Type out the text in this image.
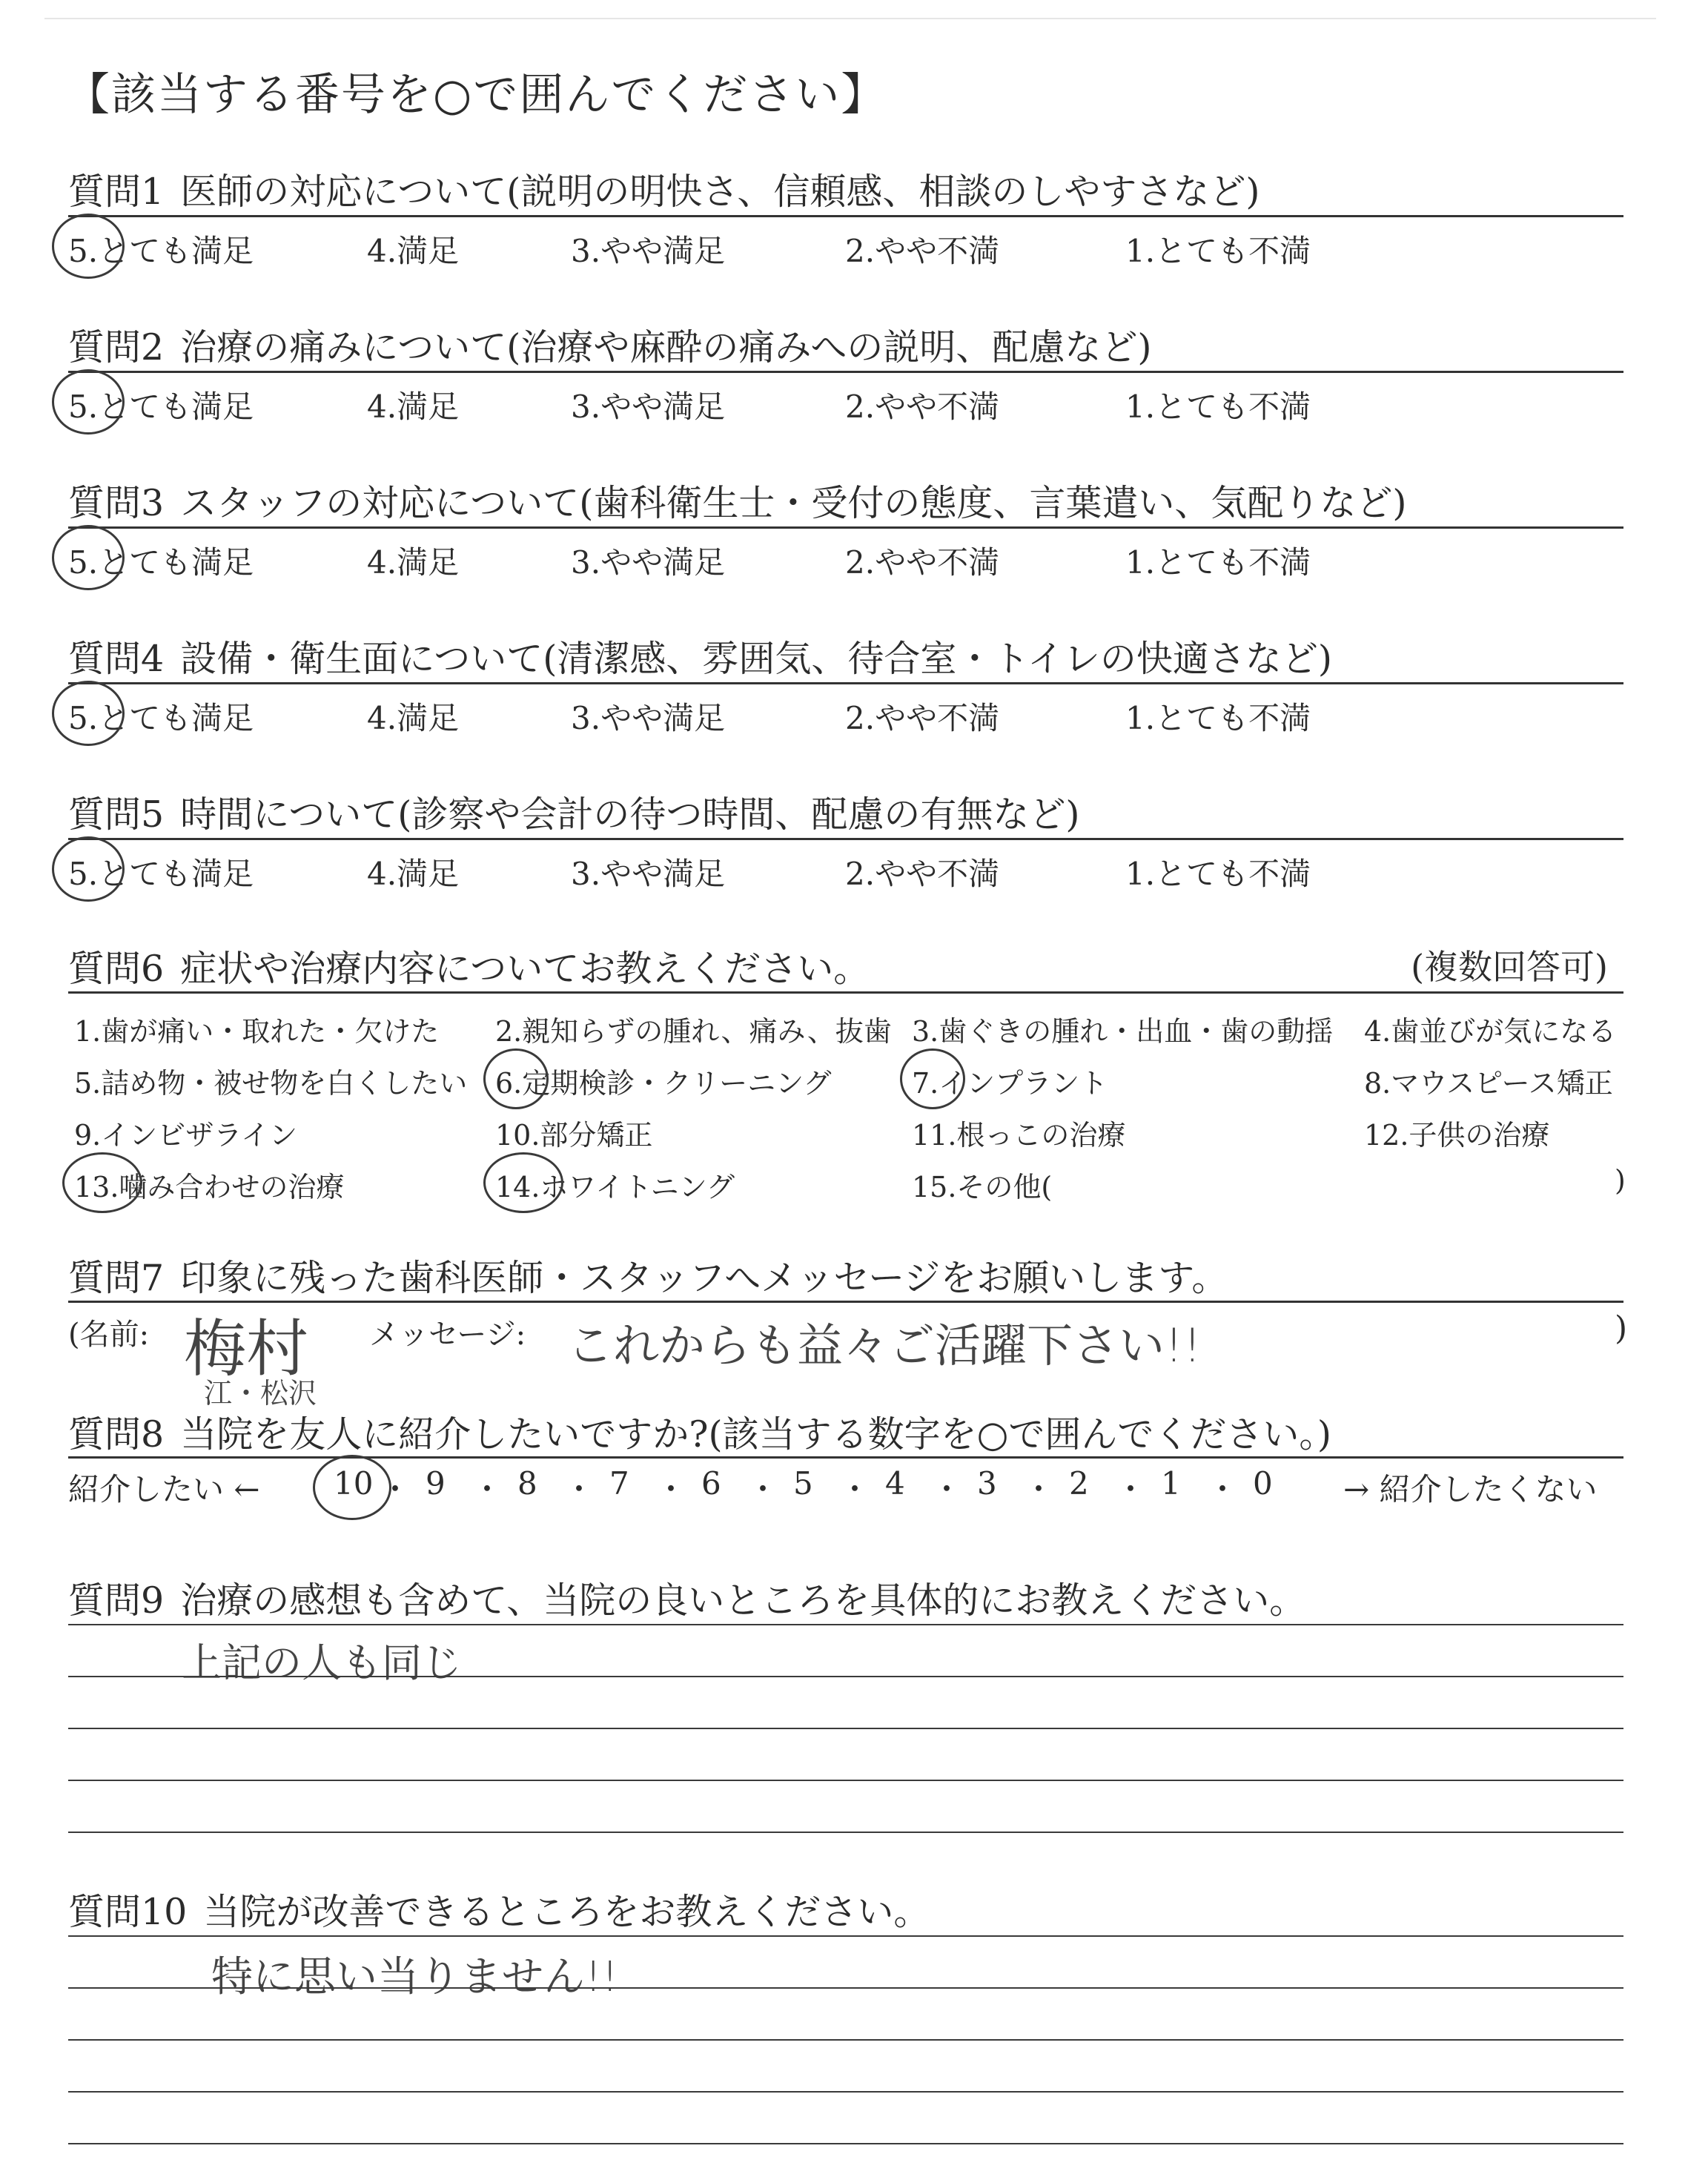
【該当する番号を○で囲んでください】
質問1 医師の対応について(説明の明快さ、信頼感、相談のしやすさなど)
5.とても満足	4.満足	3.やや満足	2.やや不満	1.とても不満
質問2 治療の痛みについて(治療や麻酔の痛みへの説明、配慮など)
5.とても満足	4.満足	3.やや満足	2.やや不満	1.とても不満
質問3 スタッフの対応について(歯科衛生士・受付の態度、言葉遣い、気配りなど)
5.とても満足	4.満足	3.やや満足	2.やや不満	1.とても不満
質問4 設備・衛生面について(清潔感、雰囲気、待合室・トイレの快適さなど)
5.とても満足	4.満足	3.やや満足	2.やや不満	1.とても不満
質問5 時間について(診察や会計の待つ時間、配慮の有無など)
5.とても満足	4.満足	3.やや満足	2.やや不満	1.とても不満
質問6 症状や治療内容についてお教えください。	(複数回答可)
1.歯が痛い・取れた・欠けた 2.親知らずの腫れ、痛み、抜歯 3.歯ぐきの腫れ・出血・歯の動揺 4.歯並びが気になる
5.詰め物・被せ物を白くしたい 6.定期検診・クリーニング	7.インプラント	8.マウスピース矯正
9.インビザライン	10.部分矯正	11.根っこの治療	12.子供の治療
13.噛み合わせの治療	14.ホワイトニング	15.その他(	)
質問7 印象に残った歯科医師・スタッフへメッセージをお願いします。
(名前: 梅村
江・松沢
メッセージ: これからも益々ご活躍下さい!!	)
質問8 当院を友人に紹介したいですか?(該当する数字を○で囲んでください。)
紹介したい ←	→ 紹介したくない
10 ・ 9 ・ 8 ・ 7 ・ 6 ・ 5 ・ 4 ・ 3 ・ 2 ・ 1 ・ 0
質問9 治療の感想も含めて、当院の良いところを具体的にお教えください。
上記の人も同じ
質問10 当院が改善できるところをお教えください。
特に思い当りません!!
